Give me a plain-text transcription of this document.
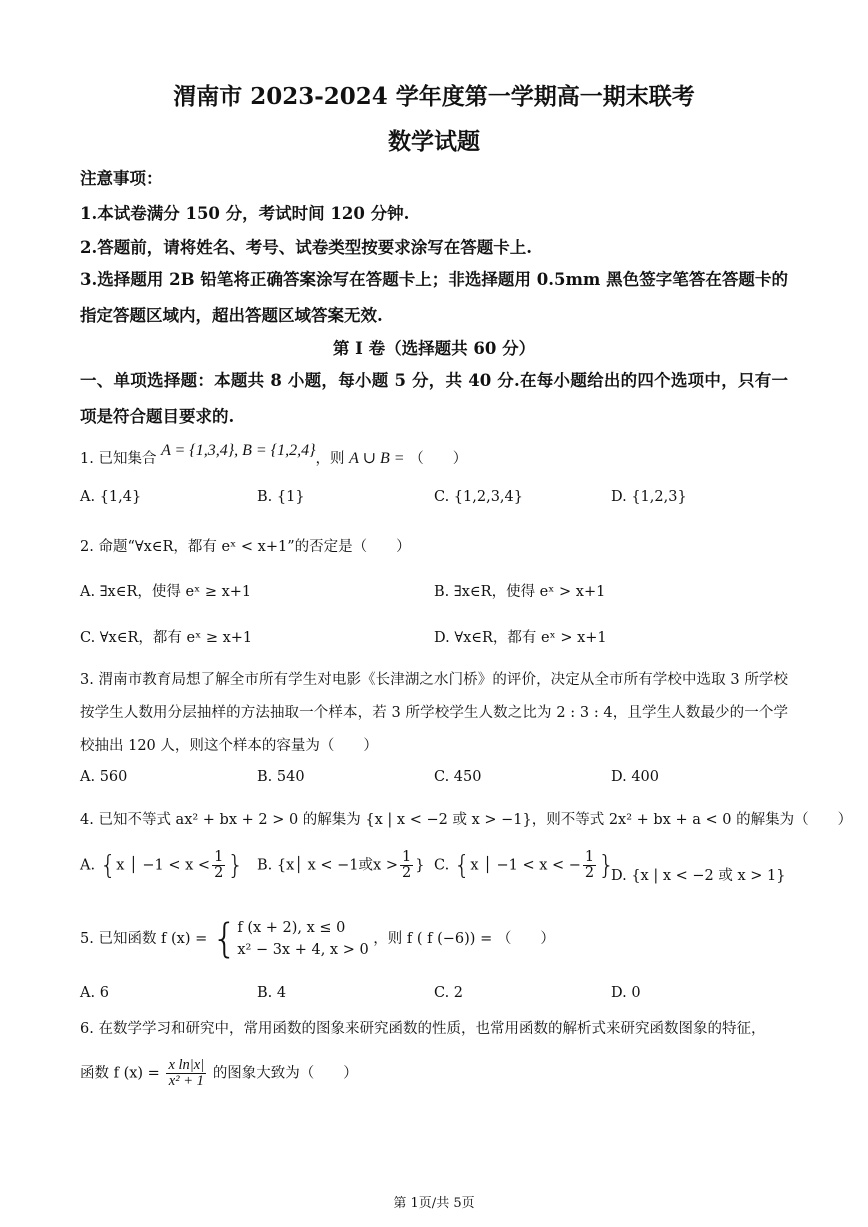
渭南市 2023-2024 学年度第一学期高一期末联考
数学试题
注意事项：
1.本试卷满分 150 分，考试时间 120 分钟.
2.答题前，请将姓名、考号、试卷类型按要求涂写在答题卡上.
3.选择题用 2B 铅笔将正确答案涂写在答题卡上；非选择题用 0.5mm 黑色签字笔答在答题卡的指定答题区域内，超出答题区域答案无效.
第 I 卷（选择题共 60 分）
一、单项选择题：本题共 8 小题，每小题 5 分，共 40 分.在每小题给出的四个选项中，只有一项是符合题目要求的.
1. 已知集合 A = {1,3,4}, B = {1,2,4}，则 A ∪ B = （　　）
A. {1,4}	B. {1}	C. {1,2,3,4}	D. {1,2,3}
2. 命题“∀x∈R，都有 eˣ < x+1”的否定是（　　）
A. ∃x∈R，使得 eˣ ≥ x+1	B. ∃x∈R，使得 eˣ > x+1
C. ∀x∈R，都有 eˣ ≥ x+1	D. ∀x∈R，都有 eˣ > x+1
3. 渭南市教育局想了解全市所有学生对电影《长津湖之水门桥》的评价，决定从全市所有学校中选取 3 所学校按学生人数用分层抽样的方法抽取一个样本，若 3 所学校学生人数之比为 2 : 3 : 4，且学生人数最少的一个学校抽出 120 人，则这个样本的容量为（　　）
A. 560	B. 540	C. 450	D. 400
4. 已知不等式 ax² + bx + 2 > 0 的解集为 {x | x < −2 或 x > −1}，则不等式 2x² + bx + a < 0 的解集为（　　）
A. {x │ $-1 < x < \frac{1}{2}$ } B. {x│ x < −1或$x > \frac{1}{2}$ } C. {x │ −1 < x < − $\frac{1}{2}$ }
D. {x | x < −2 或 x > 1}
5. 已知函数 f (x) = { f (x + 2), x ≤ 0
x² − 3x + 4, x > 0
，则 f ( f (−6)) = （　　）
A. 6	B. 4	C. 2	D. 0
6. 在数学学习和研究中，常用函数的图象来研究函数的性质，也常用函数的解析式来研究函数图象的特征，
函数 f $(x) = \frac{\text{x ln|x|}}{\text{x² + 1}}$ 的图象大致为（　　）
第 1页/共 5页
